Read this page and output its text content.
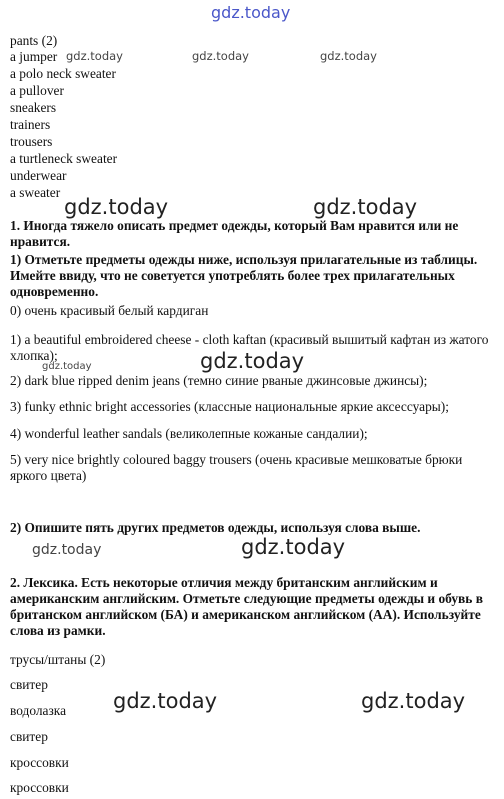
gdz.today
pants (2)
a jumper
a polo neck sweater
a pullover
sneakers
trainers
trousers
a turtleneck sweater
underwear
a sweater
gdz.today	gdz.today	gdz.today
gdz.today	gdz.today
1. Иногда тяжело описать предмет одежды, который Вам нравится или не нравится.
1) Отметьте предметы одежды ниже, используя прилагательные из таблицы. Имейте ввиду, что не советуется употреблять более трех прилагательных одновременно.
0) очень красивый белый кардиган
1) a beautiful embroidered cheese - cloth kaftan (красивый вышитый кафтан из жатого хлопка);	gdz.today
gdz.today
2) dark blue ripped denim jeans (темно синие рваные джинсовые джинсы);
3) funky ethnic bright accessories (классные национальные яркие аксессуары);
4) wonderful leather sandals (великолепные кожаные сандалии);
5) very nice brightly coloured baggy trousers (очень красивые мешковатые брюки яркого цвета)
2) Опишите пять других предметов одежды, используя слова выше.
gdz.today	gdz.today
2. Лексика. Есть некоторые отличия между британским английским и американским английским. Отметьте следующие предметы одежды и обувь в британском английском (БА) и американском английском (АА). Используйте слова из рамки.
трусы/штаны (2)
свитер
gdz.today	gdz.today
водолазка
свитер
кроссовки
кроссовки
